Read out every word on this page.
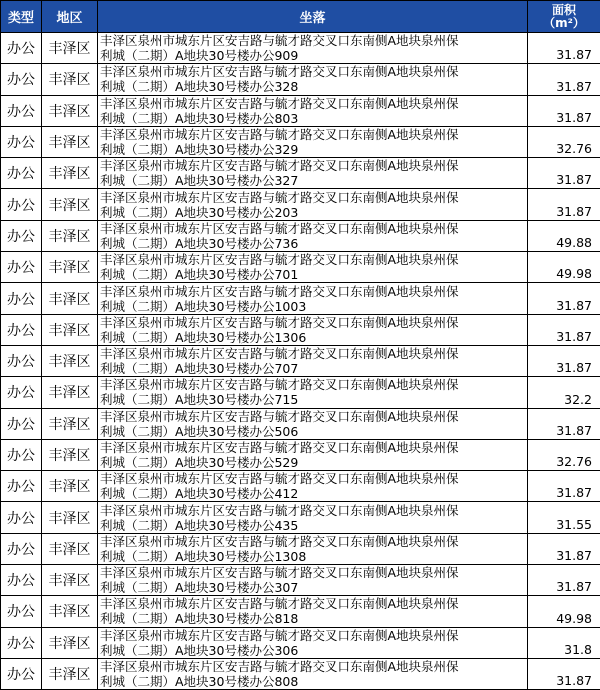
类型	地区	坐落	面积
（m²）

办公	丰泽区	丰泽区泉州市城东片区安吉路与毓才路交叉口东南侧A地块泉州保
利城（二期）A地块30号楼办公909	31.87
办公	丰泽区	丰泽区泉州市城东片区安吉路与毓才路交叉口东南侧A地块泉州保
利城（二期）A地块30号楼办公328	31.87
办公	丰泽区	丰泽区泉州市城东片区安吉路与毓才路交叉口东南侧A地块泉州保
利城（二期）A地块30号楼办公803	31.87
办公	丰泽区	丰泽区泉州市城东片区安吉路与毓才路交叉口东南侧A地块泉州保
利城（二期）A地块30号楼办公329	32.76
办公	丰泽区	丰泽区泉州市城东片区安吉路与毓才路交叉口东南侧A地块泉州保
利城（二期）A地块30号楼办公327	31.87
办公	丰泽区	丰泽区泉州市城东片区安吉路与毓才路交叉口东南侧A地块泉州保
利城（二期）A地块30号楼办公203	31.87
办公	丰泽区	丰泽区泉州市城东片区安吉路与毓才路交叉口东南侧A地块泉州保
利城（二期）A地块30号楼办公736	49.88
办公	丰泽区	丰泽区泉州市城东片区安吉路与毓才路交叉口东南侧A地块泉州保
利城（二期）A地块30号楼办公701	49.98
办公	丰泽区	丰泽区泉州市城东片区安吉路与毓才路交叉口东南侧A地块泉州保
利城（二期）A地块30号楼办公1003	31.87
办公	丰泽区	丰泽区泉州市城东片区安吉路与毓才路交叉口东南侧A地块泉州保
利城（二期）A地块30号楼办公1306	31.87
办公	丰泽区	丰泽区泉州市城东片区安吉路与毓才路交叉口东南侧A地块泉州保
利城（二期）A地块30号楼办公707	31.87
办公	丰泽区	丰泽区泉州市城东片区安吉路与毓才路交叉口东南侧A地块泉州保
利城（二期）A地块30号楼办公715	32.2
办公	丰泽区	丰泽区泉州市城东片区安吉路与毓才路交叉口东南侧A地块泉州保
利城（二期）A地块30号楼办公506	31.87
办公	丰泽区	丰泽区泉州市城东片区安吉路与毓才路交叉口东南侧A地块泉州保
利城（二期）A地块30号楼办公529	32.76
办公	丰泽区	丰泽区泉州市城东片区安吉路与毓才路交叉口东南侧A地块泉州保
利城（二期）A地块30号楼办公412	31.87
办公	丰泽区	丰泽区泉州市城东片区安吉路与毓才路交叉口东南侧A地块泉州保
利城（二期）A地块30号楼办公435	31.55
办公	丰泽区	丰泽区泉州市城东片区安吉路与毓才路交叉口东南侧A地块泉州保
利城（二期）A地块30号楼办公1308	31.87
办公	丰泽区	丰泽区泉州市城东片区安吉路与毓才路交叉口东南侧A地块泉州保
利城（二期）A地块30号楼办公307	31.87
办公	丰泽区	丰泽区泉州市城东片区安吉路与毓才路交叉口东南侧A地块泉州保
利城（二期）A地块30号楼办公818	49.98
办公	丰泽区	丰泽区泉州市城东片区安吉路与毓才路交叉口东南侧A地块泉州保
利城（二期）A地块30号楼办公306	31.8
办公	丰泽区	丰泽区泉州市城东片区安吉路与毓才路交叉口东南侧A地块泉州保
利城（二期）A地块30号楼办公808	31.87
